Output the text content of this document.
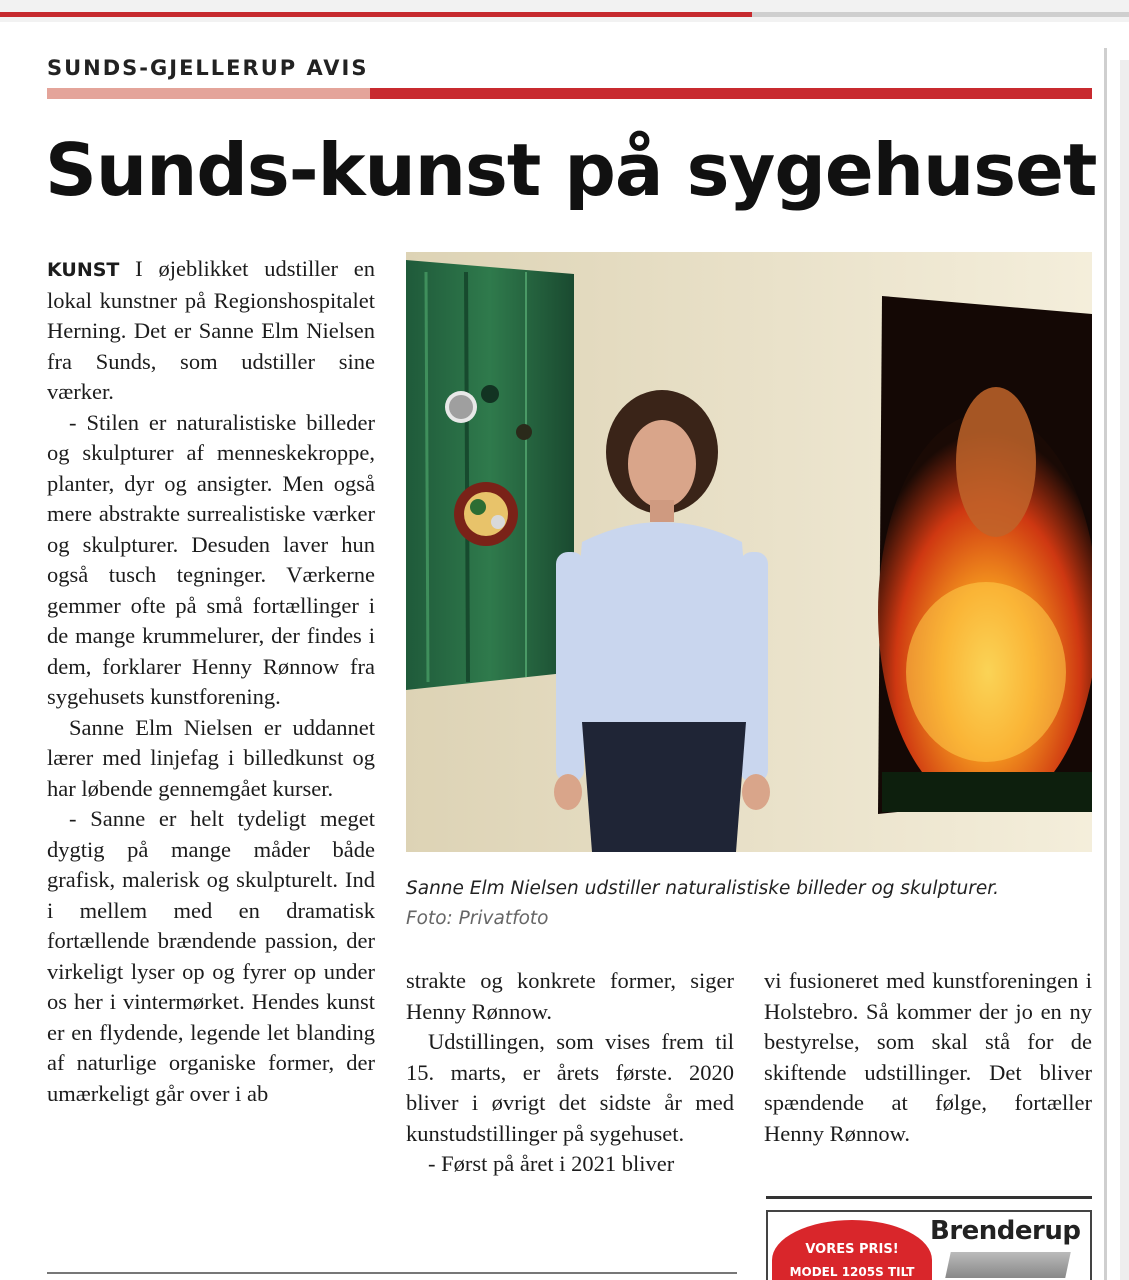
SUNDS-GJELLERUP AVIS
Sunds-kunst på sygehuset

KUNST I øjeblikket udstiller en lokal kunstner på Regionshospitalet Herning. Det er Sanne Elm Nielsen fra Sunds, som udstiller sine værker.

- Stilen er naturalistiske billeder og skulpturer af menneskekroppe, planter, dyr og ansigter. Men også mere abstrakte surrealistiske værker og skulpturer. Desuden laver hun også tusch tegninger. Værkerne gemmer ofte på små fortællinger i de mange krummelurer, der findes i dem, forklarer Henny Rønnow fra sygehusets kunstforening.

Sanne Elm Nielsen er uddannet lærer med linjefag i billedkunst og har løbende gennemgået kurser.

- Sanne er helt tydeligt meget dygtig på mange måder både grafisk, malerisk og skulpturelt. Ind i mellem med en dramatisk fortællende brændende passion, der virkeligt lyser op og fyrer op under os her i vintermørket. Hendes kunst er en flydende, legende let blanding af naturlige organiske former, der umærkeligt går over i ab

Sanne Elm Nielsen udstiller naturalistiske billeder og skulpturer. Foto: Privatfoto

strakte og konkrete former, siger Henny Rønnow.

Udstillingen, som vises frem til 15. marts, er årets første. 2020 bliver i øvrigt det sidste år med kunstudstillinger på sygehuset.

- Først på året i 2021 bliver

vi fusioneret med kunstforeningen i Holstebro. Så kommer der jo en ny bestyrelse, som skal stå for de skiftende udstillinger. Det bliver spændende at følge, fortæller Henny Rønnow.

VORES PRIS!
MODEL 1205S TILT
Brenderup
